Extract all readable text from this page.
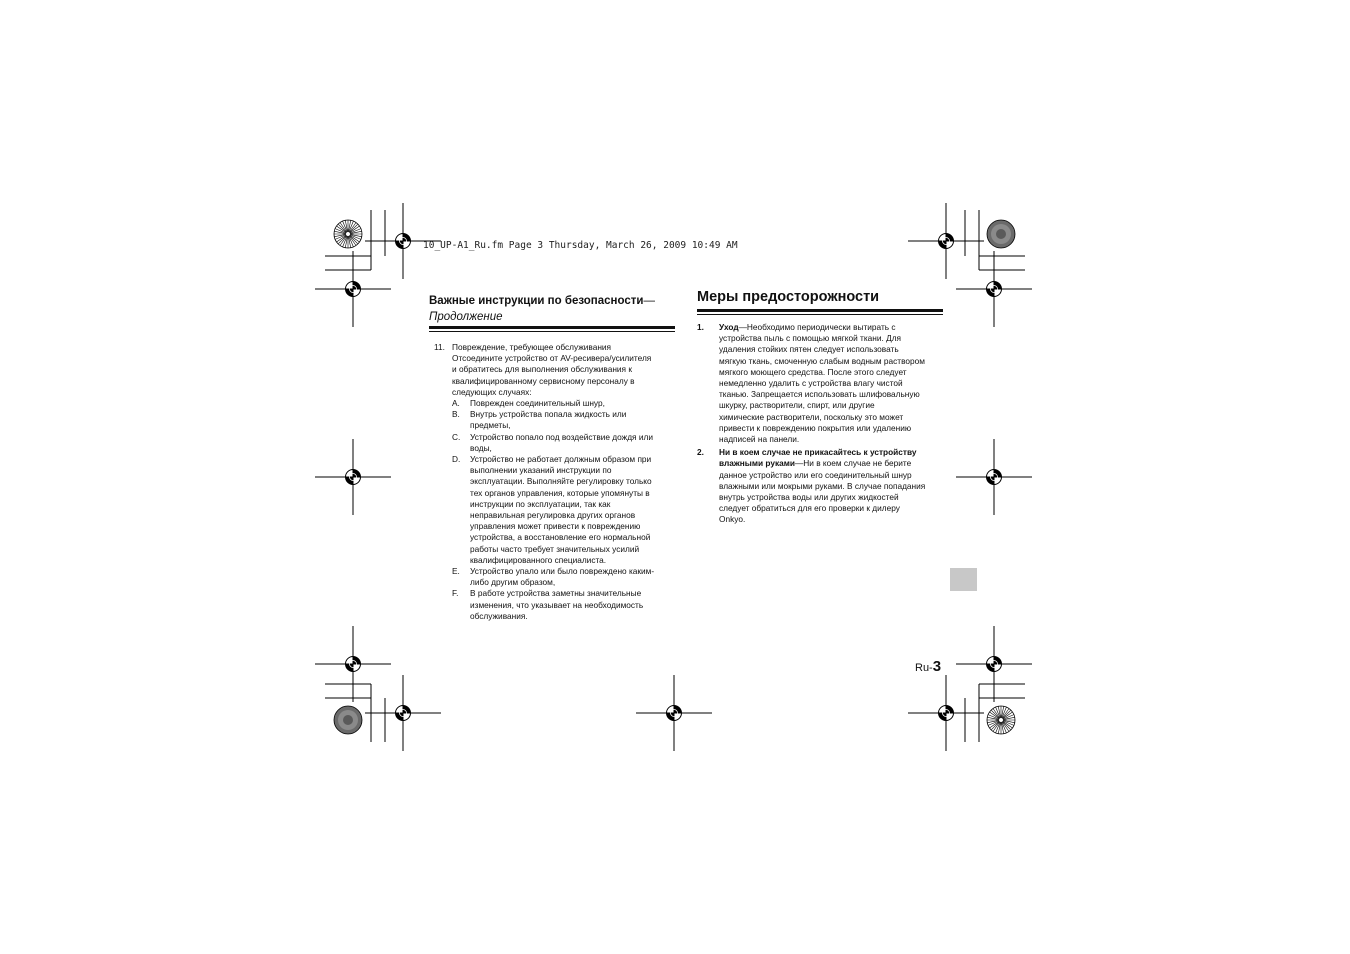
10_UP-A1_Ru.fm Page 3 Thursday, March 26, 2009 10:49 AM
Важные инструкции по безопасности—
Продолжение
11. Повреждение, требующее обслуживания
Отсоедините устройство от AV-ресивера/усилителя
и обратитесь для выполнения обслуживания к
квалифицированному сервисному персоналу в
следующих случаях:
A.	Поврежден соединительный шнур,
B.	Внутрь устройства попала жидкость или
предметы,
C.	Устройство попало под воздействие дождя или
воды,
D.	Устройство не работает должным образом при
выполнении указаний инструкции по
эксплуатации. Выполняйте регулировку только
тех органов управления, которые упомянуты в
инструкции по эксплуатации, так как
неправильная регулировка других органов
управления может привести к повреждению
устройства, а восстановление его нормальной
работы часто требует значительных усилий
квалифицированного специалиста.
E.	Устройство упало или было повреждено каким-
либо другим образом,
F.	В работе устройства заметны значительные
изменения, что указывает на необходимость
обслуживания.
Меры предосторожности
1.	Уход—Необходимо периодически вытирать с
устройства пыль с помощью мягкой ткани. Для
удаления стойких пятен следует использовать
мягкую ткань, смоченную слабым водным раствором
мягкого моющего средства. После этого следует
немедленно удалить с устройства влагу чистой
тканью. Запрещается использовать шлифовальную
шкурку, растворители, спирт, или другие
химические растворители, поскольку это может
привести к повреждению покрытия или удалению
надписей на панели.
2.	Ни в коем случае не прикасайтесь к устройству
влажными руками—Ни в коем случае не берите
данное устройство или его соединительный шнур
влажными или мокрыми руками. В случае попадания
внутрь устройства воды или других жидкостей
следует обратиться для его проверки к дилеру
Onkyo.
Ru-3
